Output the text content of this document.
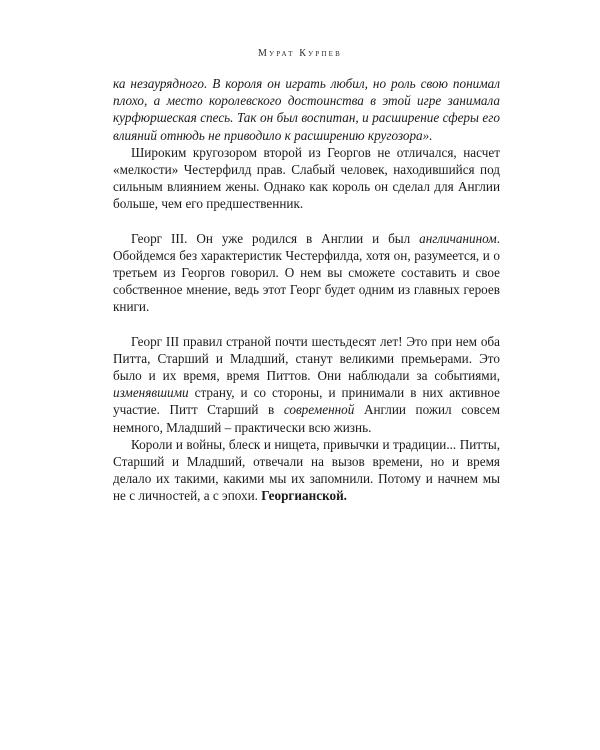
Мурат Курпев

ка незаурядного. В короля он играть любил, но роль свою понимал плохо, а место королевского достоинства в этой игре занимала курфюршеская спесь. Так он был воспитан, и расширение сферы его влияний отнюдь не приводило к расширению кругозора».

Широким кругозором второй из Георгов не отличался, насчет «мелкости» Честерфилд прав. Слабый человек, находившийся под сильным влиянием жены. Однако как король он сделал для Англии больше, чем его предшественник.

Георг III. Он уже родился в Англии и был англичанином. Обойдемся без характеристик Честерфилда, хотя он, разумеется, и о третьем из Георгов говорил. О нем вы сможете составить и свое собственное мнение, ведь этот Георг будет одним из главных героев книги.

Георг III правил страной почти шестьдесят лет! Это при нем оба Питта, Старший и Младший, станут великими премьерами. Это было и их время, время Питтов. Они наблюдали за событиями, изменявшими страну, и со стороны, и принимали в них активное участие. Питт Старший в современной Англии пожил совсем немного, Младший – практически всю жизнь.

Короли и войны, блеск и нищета, привычки и традиции... Питты, Старший и Младший, отвечали на вызов времени, но и время делало их такими, какими мы их запомнили. Потому и начнем мы не с личностей, а с эпохи. Георгианской.
